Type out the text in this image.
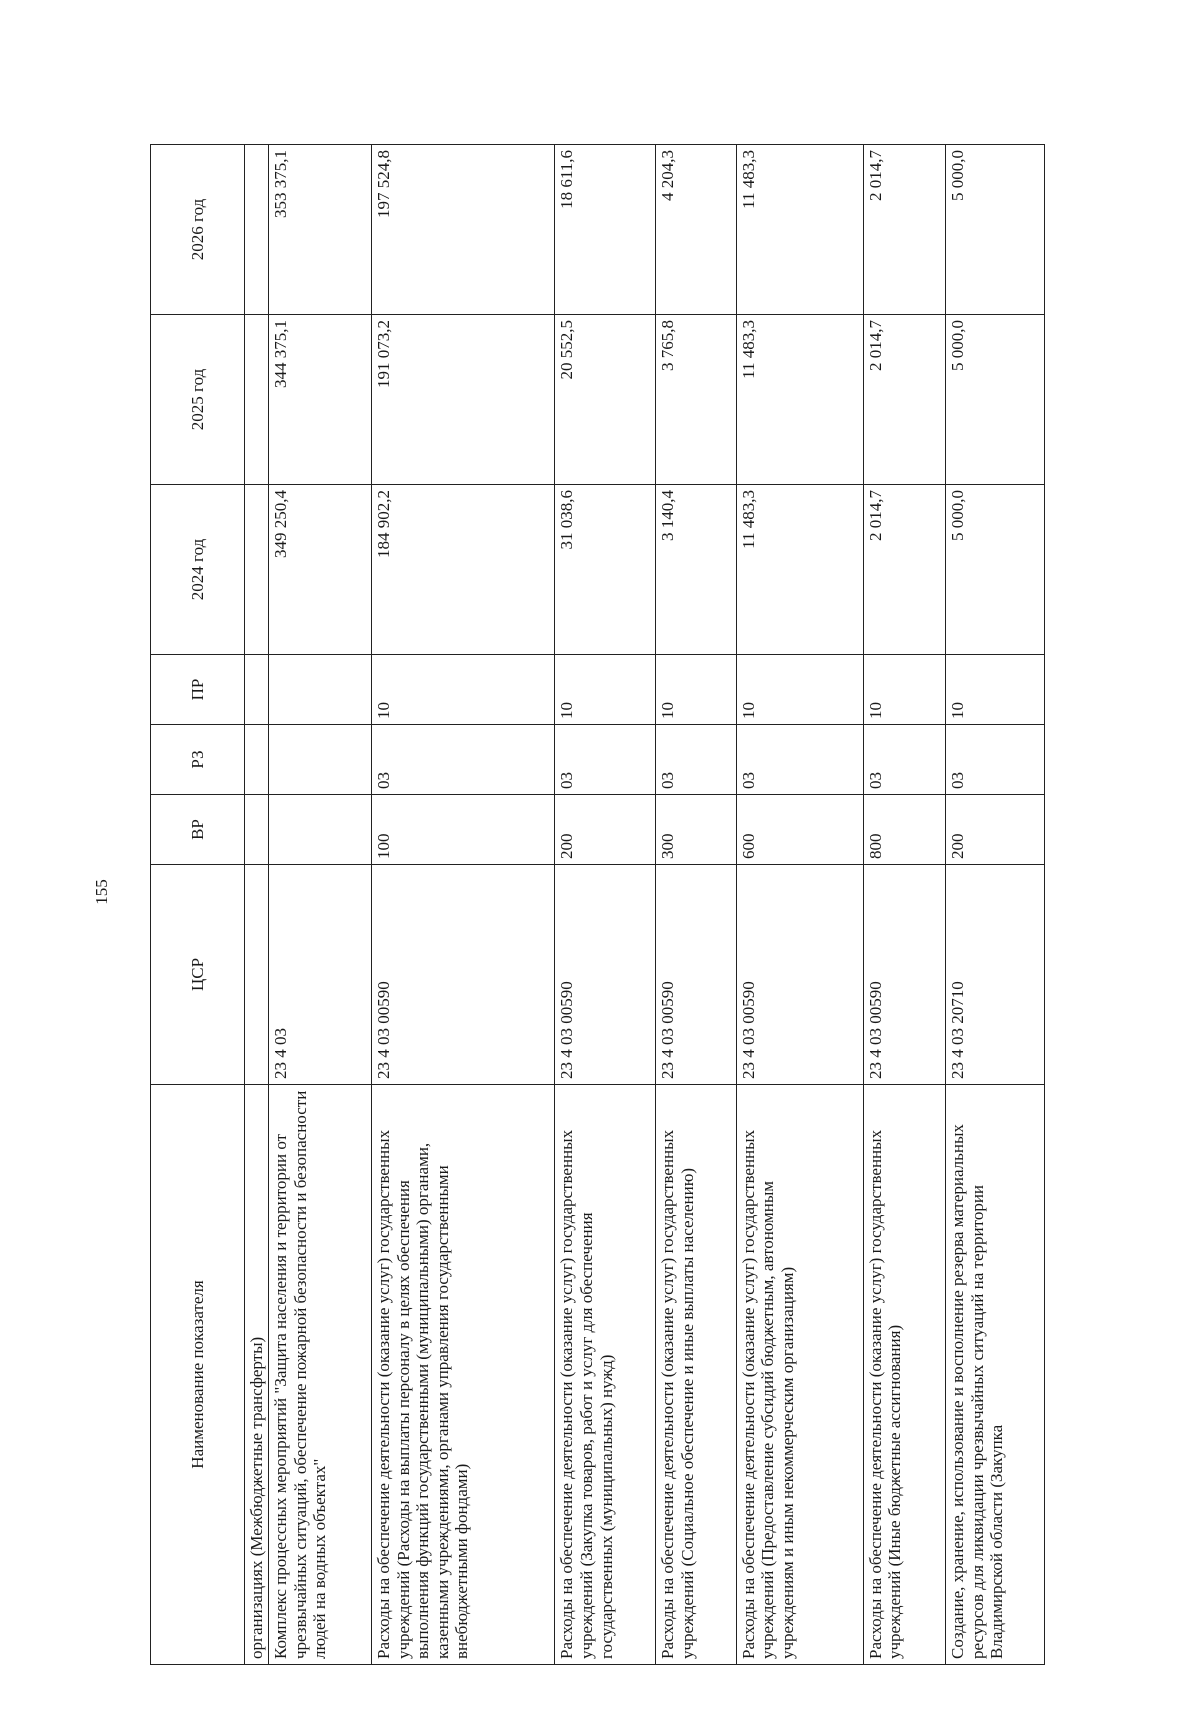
155
Наименование показателя	ЦСР	ВР	РЗ	ПР	2024 год	2025 год	2026 год
организациях (Межбюджетные трансферты)							
Комплекс процессных мероприятий "Защита населения и территории от чрезвычайных ситуаций, обеспечение пожарной безопасности и безопасности людей на водных объектах"	23 4 03				349 250,4	344 375,1	353 375,1
Расходы на обеспечение деятельности (оказание услуг) государственных учреждений (Расходы на выплаты персоналу в целях обеспечения выполнения функций государственными (муниципальными) органами, казенными учреждениями, органами управления государственными внебюджетными фондами)	23 4 03 00590	100	03	10	184 902,2	191 073,2	197 524,8
Расходы на обеспечение деятельности (оказание услуг) государственных учреждений (Закупка товаров, работ и услуг для обеспечения государственных (муниципальных) нужд)	23 4 03 00590	200	03	10	31 038,6	20 552,5	18 611,6
Расходы на обеспечение деятельности (оказание услуг) государственных учреждений (Социальное обеспечение и иные выплаты населению)	23 4 03 00590	300	03	10	3 140,4	3 765,8	4 204,3
Расходы на обеспечение деятельности (оказание услуг) государственных учреждений (Предоставление субсидий бюджетным, автономным учреждениям и иным некоммерческим организациям)	23 4 03 00590	600	03	10	11 483,3	11 483,3	11 483,3
Расходы на обеспечение деятельности (оказание услуг) государственных учреждений (Иные бюджетные ассигнования)	23 4 03 00590	800	03	10	2 014,7	2 014,7	2 014,7
Создание, хранение, использование и восполнение резерва материальных ресурсов для ликвидации чрезвычайных ситуаций на территории Владимирской области (Закупка	23 4 03 20710	200	03	10	5 000,0	5 000,0	5 000,0
